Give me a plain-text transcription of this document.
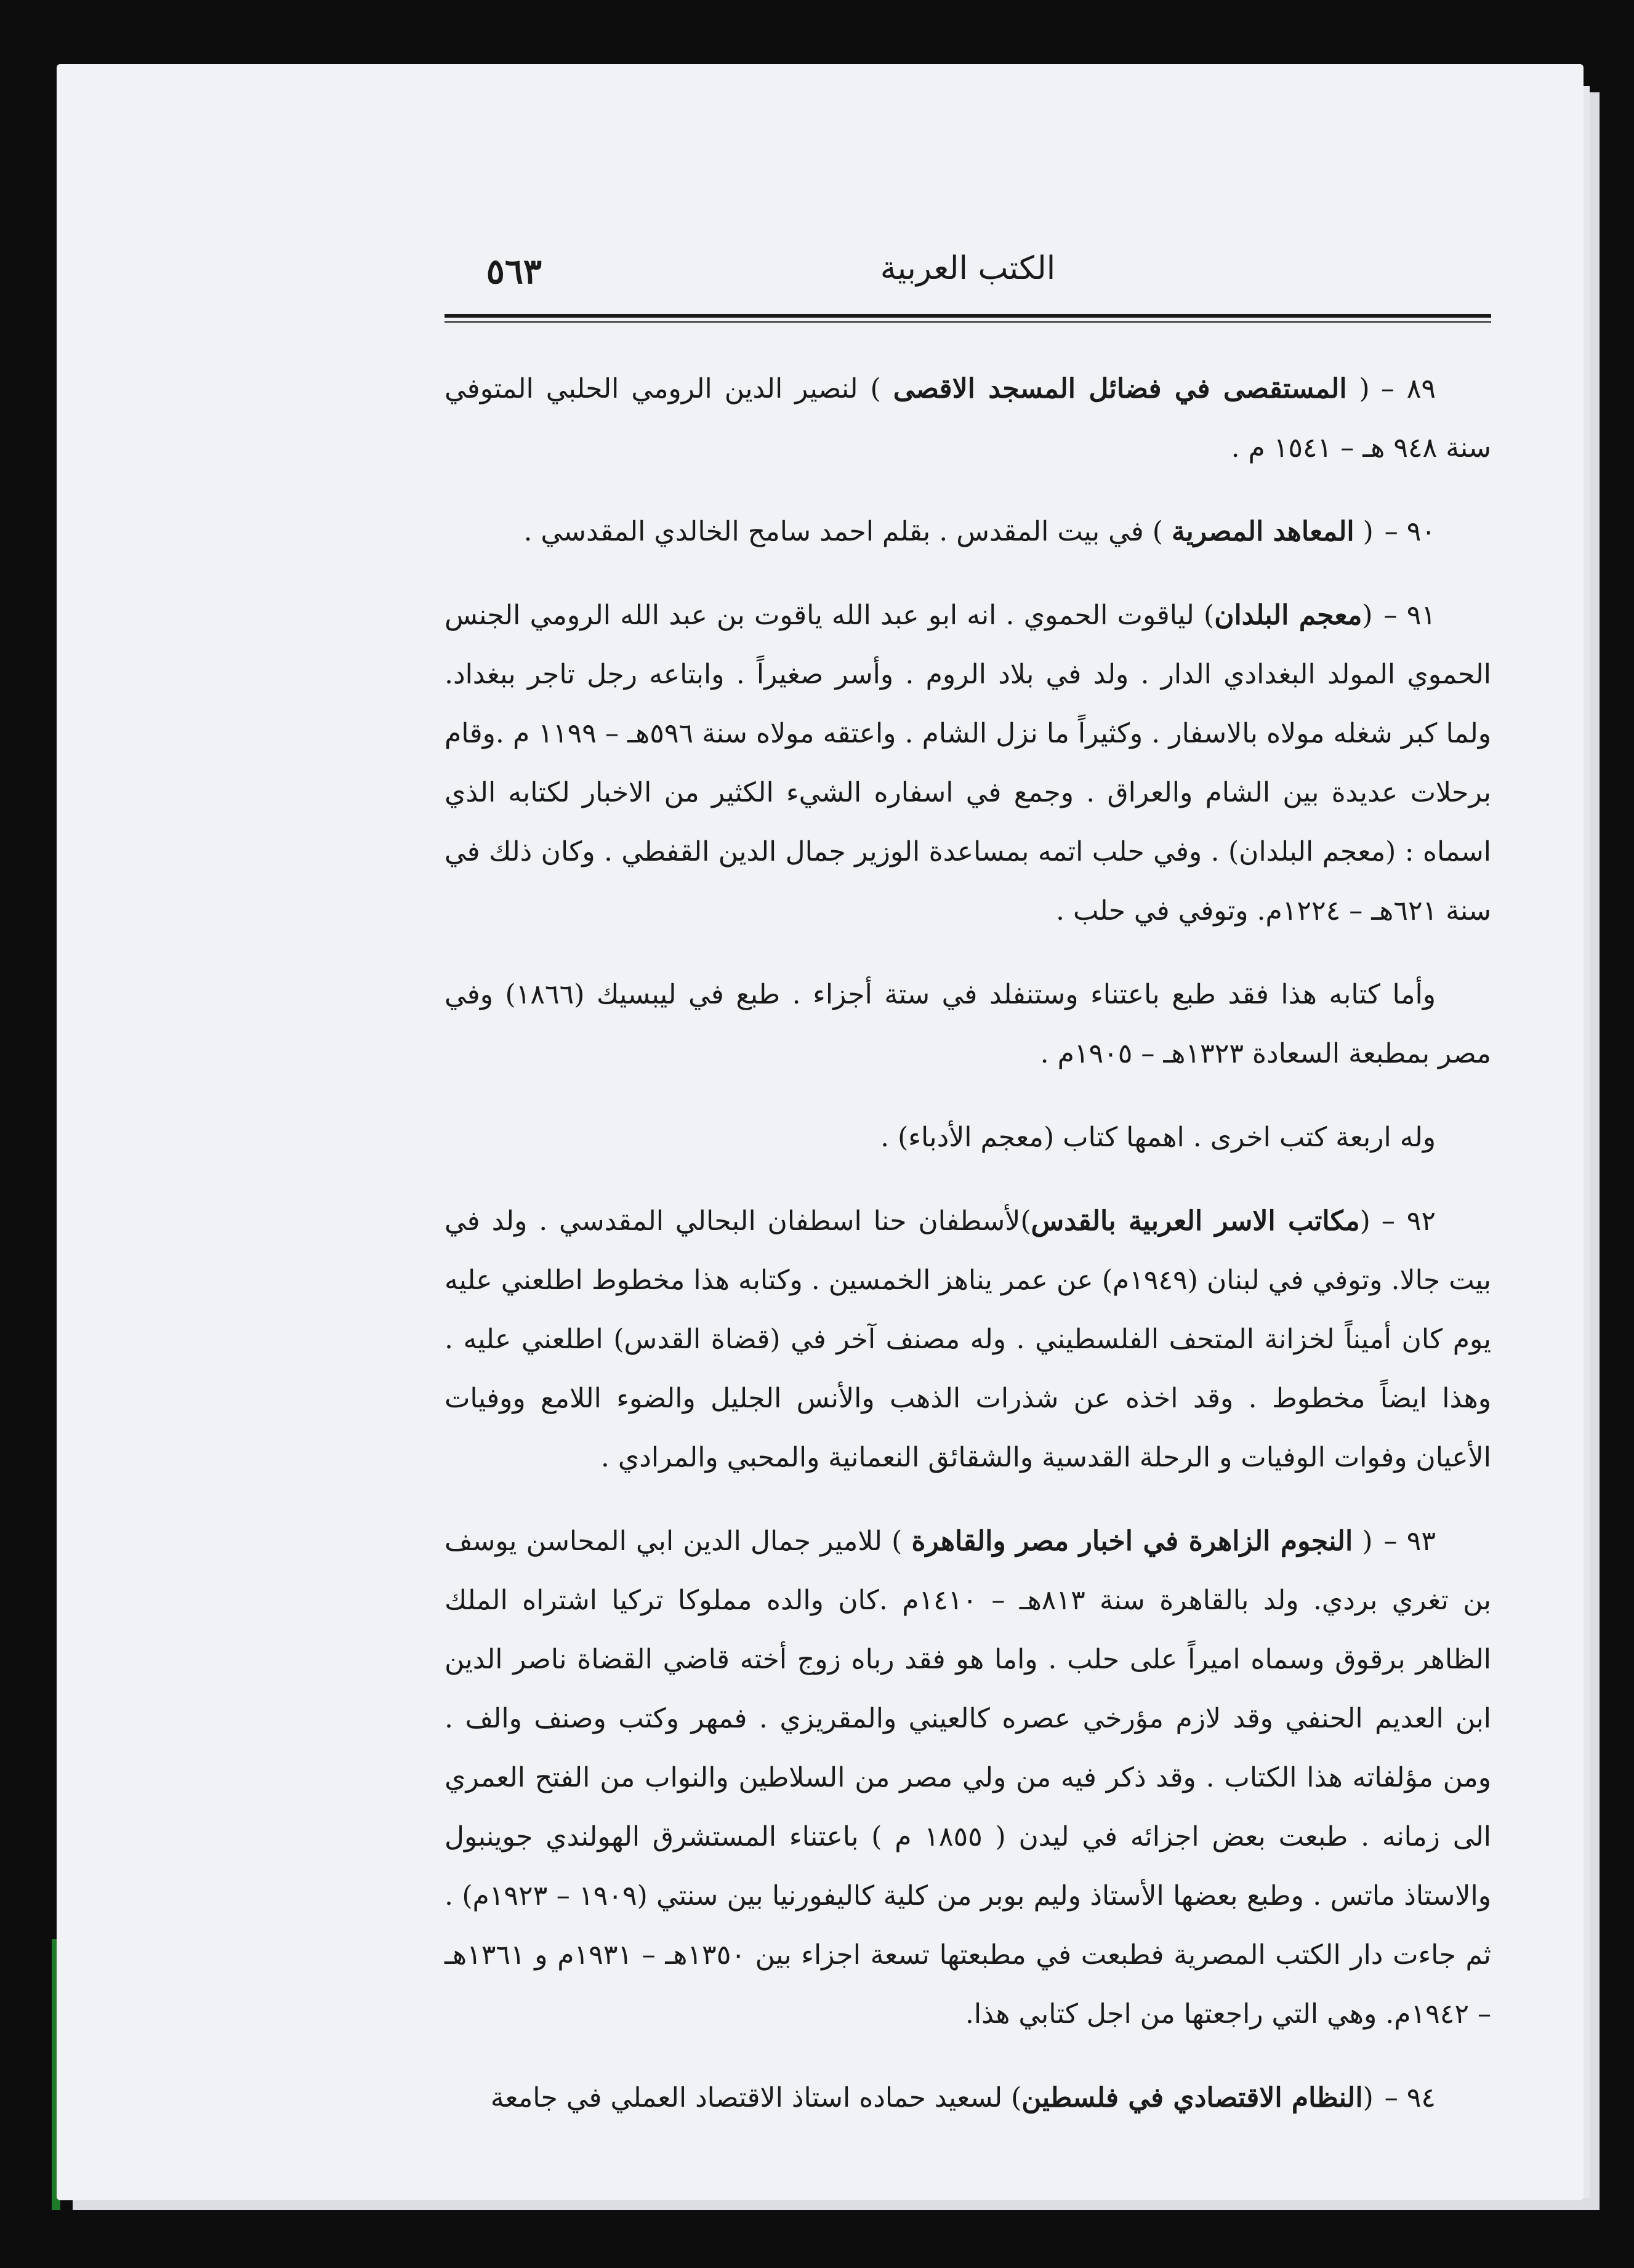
الكتب العربية
٥٦٣

٨٩ –( المستقصى في فضائل المسجد الاقصى ) لنصير الدين الرومي الحلبي المتوفي سنة ٩٤٨ هـ – ١٥٤١ م .

٩٠ –( المعاهد المصرية ) في بيت المقدس . بقلم احمد سامح الخالدي المقدسي .

٩١ –(معجم البلدان) لياقوت الحموي . انه ابو عبد الله ياقوت بن عبد الله الرومي الجنس الحموي المولد البغدادي الدار . ولد في بلاد الروم . وأسر صغيراً . وابتاعه رجل تاجر ببغداد. ولما كبر شغله مولاه بالاسفار . وكثيراً ما نزل الشام . واعتقه مولاه سنة ٥٩٦هـ – ١١٩٩ م .وقام برحلات عديدة بين الشام والعراق . وجمع في اسفاره الشيء الكثير من الاخبار لكتابه الذي اسماه : (معجم البلدان) . وفي حلب اتمه بمساعدة الوزير جمال الدين القفطي . وكان ذلك في سنة ٦٢١هـ – ١٢٢٤م. وتوفي في حلب .

وأما كتابه هذا فقد طبع باعتناء وستنفلد في ستة أجزاء . طبع في ليبسيك (١٨٦٦) وفي مصر بمطبعة السعادة ١٣٢٣هـ – ١٩٠٥م .

وله اربعة كتب اخرى . اهمها كتاب (معجم الأدباء) .

٩٢ –(مكاتب الاسر العربية بالقدس)لأسطفان حنا اسطفان البحالي المقدسي . ولد في بيت جالا. وتوفي في لبنان (١٩٤٩م) عن عمر يناهز الخمسين . وكتابه هذا مخطوط اطلعني عليه يوم كان أميناً لخزانة المتحف الفلسطيني . وله مصنف آخر في (قضاة القدس) اطلعني عليه . وهذا ايضاً مخطوط . وقد اخذه عن شذرات الذهب والأنس الجليل والضوء اللامع ووفيات الأعيان وفوات الوفيات و الرحلة القدسية والشقائق النعمانية والمحبي والمرادي .

٩٣ –( النجوم الزاهرة في اخبار مصر والقاهرة ) للامير جمال الدين ابي المحاسن يوسف بن تغري بردي. ولد بالقاهرة سنة ٨١٣هـ – ١٤١٠م .كان والده مملوكا تركيا اشتراه الملك الظاهر برقوق وسماه اميراً على حلب . واما هو فقد رباه زوج أخته قاضي القضاة ناصر الدين ابن العديم الحنفي وقد لازم مؤرخي عصره كالعيني والمقريزي . فمهر وكتب وصنف والف . ومن مؤلفاته هذا الكتاب . وقد ذكر فيه من ولي مصر من السلاطين والنواب من الفتح العمري الى زمانه . طبعت بعض اجزائه في ليدن ( ١٨٥٥ م ) باعتناء المستشرق الهولندي جوينبول والاستاذ ماتس . وطبع بعضها الأستاذ وليم بوبر من كلية كاليفورنيا بين سنتي (١٩٠٩ – ١٩٢٣م) . ثم جاءت دار الكتب المصرية فطبعت في مطبعتها تسعة اجزاء بين ١٣٥٠هـ – ١٩٣١م و ١٣٦١هـ – ١٩٤٢م. وهي التي راجعتها من اجل كتابي هذا.

٩٤ –(النظام الاقتصادي في فلسطين) لسعيد حماده استاذ الاقتصاد العملي في جامعة
